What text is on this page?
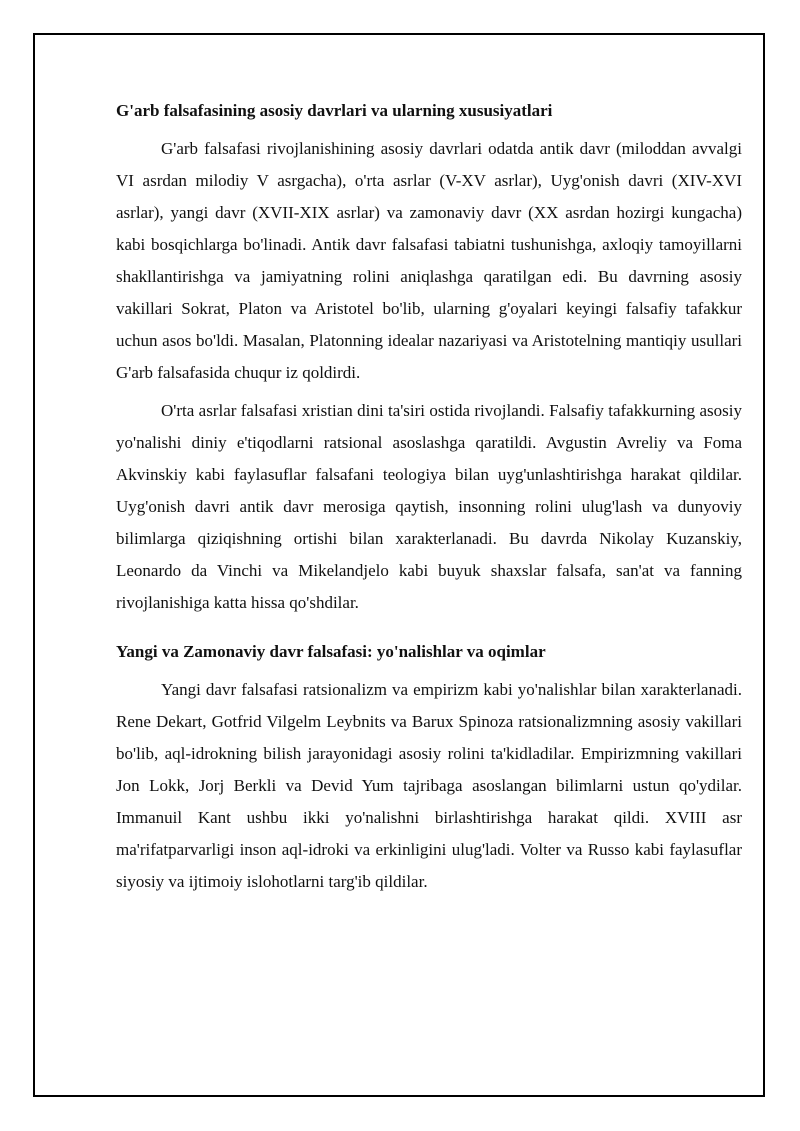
G'arb falsafasining asosiy davrlari va ularning xususiyatlari

G'arb falsafasi rivojlanishining asosiy davrlari odatda antik davr (miloddan avvalgi VI asrdan milodiy V asrgacha), o'rta asrlar (V-XV asrlar), Uyg'onish davri (XIV-XVI asrlar), yangi davr (XVII-XIX asrlar) va zamonaviy davr (XX asrdan hozirgi kungacha) kabi bosqichlarga bo'linadi. Antik davr falsafasi tabiatni tushunishga, axloqiy tamoyillarni shakllantirishga va jamiyatning rolini aniqlashga qaratilgan edi. Bu davrning asosiy vakillari Sokrat, Platon va Aristotel bo'lib, ularning g'oyalari keyingi falsafiy tafakkur uchun asos bo'ldi. Masalan, Platonning idealar nazariyasi va Aristotelning mantiqiy usullari G'arb falsafasida chuqur iz qoldirdi.

O'rta asrlar falsafasi xristian dini ta'siri ostida rivojlandi. Falsafiy tafakkurning asosiy yo'nalishi diniy e'tiqodlarni ratsional asoslashga qaratildi. Avgustin Avreliy va Foma Akvinskiy kabi faylasuflar falsafani teologiya bilan uyg'unlashtirishga harakat qildilar. Uyg'onish davri antik davr merosiga qaytish, insonning rolini ulug'lash va dunyoviy bilimlarga qiziqishning ortishi bilan xarakterlanadi. Bu davrda Nikolay Kuzanskiy, Leonardo da Vinchi va Mikelandjelo kabi buyuk shaxslar falsafa, san'at va fanning rivojlanishiga katta hissa qo'shdilar.

Yangi va Zamonaviy davr falsafasi: yo'nalishlar va oqimlar

Yangi davr falsafasi ratsionalizm va empirizm kabi yo'nalishlar bilan xarakterlanadi. Rene Dekart, Gotfrid Vilgelm Leybnits va Barux Spinoza ratsionalizmning asosiy vakillari bo'lib, aql-idrokning bilish jarayonidagi asosiy rolini ta'kidladilar. Empirizmning vakillari Jon Lokk, Jorj Berkli va Devid Yum tajribaga asoslangan bilimlarni ustun qo'ydilar. Immanuil Kant ushbu ikki yo'nalishni birlashtirishga harakat qildi. XVIII asr ma'rifatparvarligi inson aql-idroki va erkinligini ulug'ladi. Volter va Russo kabi faylasuflar siyosiy va ijtimoiy islohotlarni targ'ib qildilar.
